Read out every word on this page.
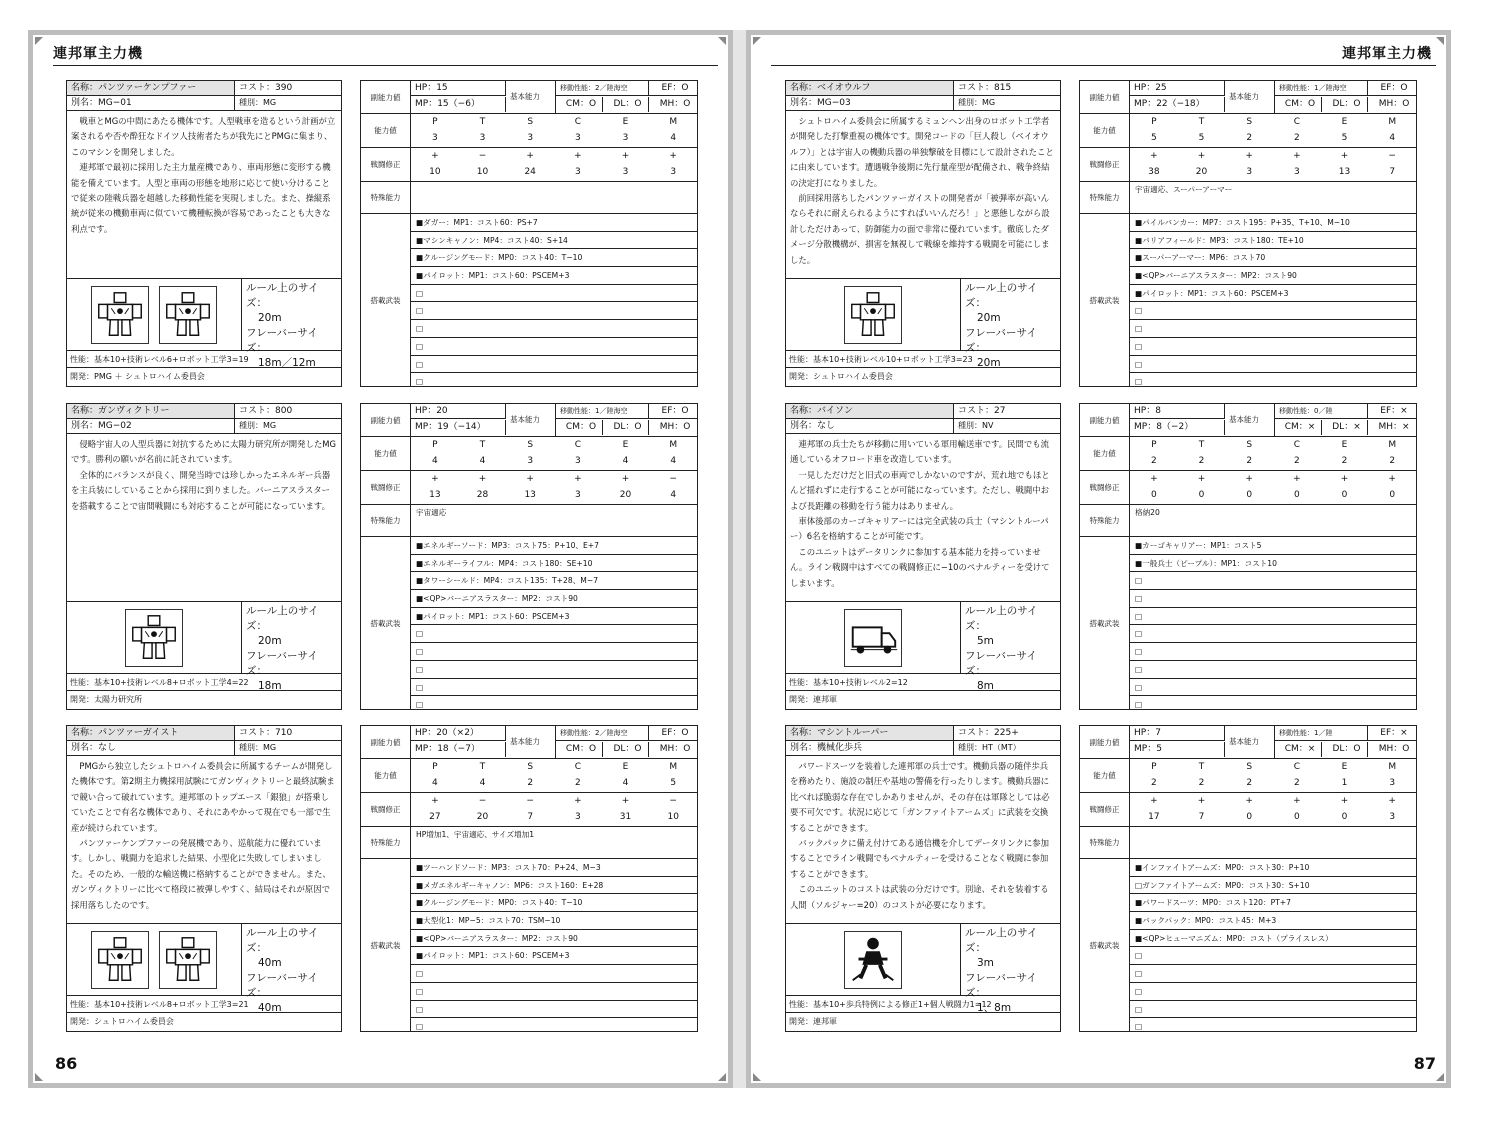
連邦軍主力機
86
連邦軍主力機
87
名称：パンツァーケンプファー	コスト：390
別名：MG−01	種別：MG

戦車とMGの中間にあたる機体です。人型戦車を造るという計画が立案されるや否や酔狂なドイツ人技術者たちが我先にとPMGに集まり、このマシンを開発しました。

連邦軍で最初に採用した主力量産機であり、車両形態に変形する機能を備えています。人型と車両の形態を地形に応じて使い分けることで従来の陸戦兵器を超越した移動性能を実現しました。また、操縦系統が従来の機動車両に似ていて機種転換が容易であったことも大きな利点です。

ルール上のサイズ：
20m
フレーバーサイズ：
18m／12m
性能：基本10+技術レベル6+ロボット工学3=19
開発：PMG ＋ シュトロハイム委員会
副能力値
HP：15
MP：15（−6）
基本能力
移動性能：2／陸海空	EF：O
CM：O	DL：O	MH：O
能力値
P	T	S	C	E	M
3	3	3	3	3	4
戦闘修正
+	−	+	+	+	+
10	10	24	3	3	3
特殊能力
搭載武装
■ダガー：MP1：コスト60：PS+7
■マシンキャノン：MP4：コスト40：S+14
■クルージングモード：MP0：コスト40：T−10
■パイロット：MP1：コスト60：PSCEM+3
□
□
□
□
□
□
名称：ガンヴィクトリー	コスト：800
別名：MG−02	種別：MG

侵略宇宙人の人型兵器に対抗するために太陽力研究所が開発したMGです。勝利の願いが名前に託されています。

全体的にバランスが良く、開発当時では珍しかったエネルギー兵器を主兵装にしていることから採用に到りました。バーニアスラスターを搭載することで宙間戦闘にも対応することが可能になっています。

ルール上のサイズ：
20m
フレーバーサイズ：
18m
性能：基本10+技術レベル8+ロボット工学4=22
開発：太陽力研究所
副能力値
HP：20
MP：19（−14）
基本能力
移動性能：1／陸海空	EF：O
CM：O	DL：O	MH：O
能力値
P	T	S	C	E	M
4	4	3	3	4	4
戦闘修正
+	+	+	+	+	−
13	28	13	3	20	4
特殊能力
宇宙適応
搭載武装
■エネルギーソード：MP3：コスト75：P+10、E+7
■エネルギーライフル：MP4：コスト180：SE+10
■タワーシールド：MP4：コスト135：T+28、M−7
■<QP>バーニアスラスター：MP2：コスト90
■パイロット：MP1：コスト60：PSCEM+3
□
□
□
□
□
名称：パンツァーガイスト	コスト：710
別名：なし	種別：MG

PMGから独立したシュトロハイム委員会に所属するチームが開発した機体です。第2期主力機採用試験にてガンヴィクトリーと最終試験まで競い合って破れています。連邦軍のトップエース「銀狼」が搭乗していたことで有名な機体であり、それにあやかって現在でも一部で生産が続けられています。

パンツァーケンプファーの発展機であり、巡航能力に優れています。しかし、戦闘力を追求した結果、小型化に失敗してしまいました。そのため、一般的な輸送機に格納することができません。また、ガンヴィクトリーに比べて格段に被弾しやすく、結局はそれが原因で採用落ちしたのです。

ルール上のサイズ：
40m
フレーバーサイズ：
40m
性能：基本10+技術レベル8+ロボット工学3=21
開発：シュトロハイム委員会
副能力値
HP：20（×2）
MP：18（−7）
基本能力
移動性能：2／陸海空	EF：O
CM：O	DL：O	MH：O
能力値
P	T	S	C	E	M
4	4	2	2	4	5
戦闘修正
+	−	−	+	+	−
27	20	7	3	31	10
特殊能力
HP増加1、宇宙適応、サイズ増加1
搭載武装
■ツーハンドソード：MP3：コスト70：P+24、M−3
■メガエネルギーキャノン：MP6：コスト160：E+28
■クルージングモード：MP0：コスト40：T−10
■大型化1：MP−5：コスト70：TSM−10
■<QP>バーニアスラスター：MP2：コスト90
■パイロット：MP1：コスト60：PSCEM+3
□
□
□
□
名称：ベイオウルフ	コスト：815
別名：MG−03	種別：MG

シュトロハイム委員会に所属するミュンヘン出身のロボット工学者が開発した打撃重視の機体です。開発コードの「巨人殺し（ベイオウルフ）」とは宇宙人の機動兵器の単独撃破を目標にして設計されたことに由来しています。遭遇戦争後期に先行量産型が配備され、戦争終結の決定打になりました。

前回採用落ちしたパンツァーガイストの開発者が「被弾率が高いんならそれに耐えられるようにすればいいんだろ！」と悪態しながら設計しただけあって、防御能力の面で非常に優れています。徹底したダメージ分散機構が、損害を無視して戦線を維持する戦闘を可能にしました。

ルール上のサイズ：
20m
フレーバーサイズ：
20m
性能：基本10+技術レベル10+ロボット工学3=23
開発：シュトロハイム委員会
副能力値
HP：25
MP：22（−18）
基本能力
移動性能：1／陸海空	EF：O
CM：O	DL：O	MH：O
能力値
P	T	S	C	E	M
5	5	2	2	5	4
戦闘修正
+	+	+	+	+	−
38	20	3	3	13	7
特殊能力
宇宙適応、スーパーアーマー
搭載武装
■パイルバンカー：MP7：コスト195：P+35、T+10、M−10
■バリアフィールド：MP3：コスト180：TE+10
■スーパーアーマー：MP6：コスト70
■<QP>バーニアスラスター：MP2：コスト90
■パイロット：MP1：コスト60：PSCEM+3
□
□
□
□
□
名称：バイソン	コスト：27
別名：なし	種別：NV

連邦軍の兵士たちが移動に用いている軍用輸送車です。民間でも流通しているオフロード車を改造しています。

一見しただけだと旧式の車両でしかないのですが、荒れ地でもほとんど揺れずに走行することが可能になっています。ただし、戦闘中および長距離の移動を行う能力はありません。

車体後部のカーゴキャリアーには完全武装の兵士（マシントルーパー）6名を格納することが可能です。

このユニットはデータリンクに参加する基本能力を持っていません。ライン戦闘中はすべての戦闘修正に−10のペナルティーを受けてしまいます。

ルール上のサイズ：
5m
フレーバーサイズ：
8m
性能：基本10+技術レベル2=12
開発：連邦軍
副能力値
HP：8
MP：8（−2）
基本能力
移動性能：0／陸	EF：×
CM：×	DL：×	MH：×
能力値
P	T	S	C	E	M
2	2	2	2	2	2
戦闘修正
+	+	+	+	+	+
0	0	0	0	0	0
特殊能力
格納20
搭載武装
■カーゴキャリアー：MP1：コスト5
■一般兵士（ピープル）：MP1：コスト10
□
□
□
□
□
□
□
□
名称：マシントルーパー	コスト：225+
別名：機械化歩兵	種別：HT（MT）

パワードスーツを装着した連邦軍の兵士です。機動兵器の随伴歩兵を務めたり、施設の制圧や基地の警備を行ったりします。機動兵器に比べれば脆弱な存在でしかありませんが、その存在は軍隊としては必要不可欠です。状況に応じて「ガンファイトアームズ」に武装を交換することができます。

バックパックに備え付けてある通信機を介してデータリンクに参加することでライン戦闘でもペナルティーを受けることなく戦闘に参加することができます。

このユニットのコストは武装の分だけです。別途、それを装着する人間（ソルジャー=20）のコストが必要になります。

ルール上のサイズ：
3m
フレーバーサイズ：
1、8m
性能：基本10+歩兵特例による修正1+個人戦闘力1=12
開発：連邦軍
副能力値
HP：7
MP：5
基本能力
移動性能：1／陸	EF：×
CM：×	DL：O	MH：O
能力値
P	T	S	C	E	M
2	2	2	2	1	3
戦闘修正
+	+	+	+	+	+
17	7	0	0	0	3
特殊能力
搭載武装
■インファイトアームズ：MP0：コスト30：P+10
□ガンファイトアームズ：MP0：コスト30：S+10
■パワードスーツ：MP0：コスト120：PT+7
■バックパック：MP0：コスト45：M+3
■<QP>ヒューマニズム：MP0：コスト（プライスレス）
□
□
□
□
□
